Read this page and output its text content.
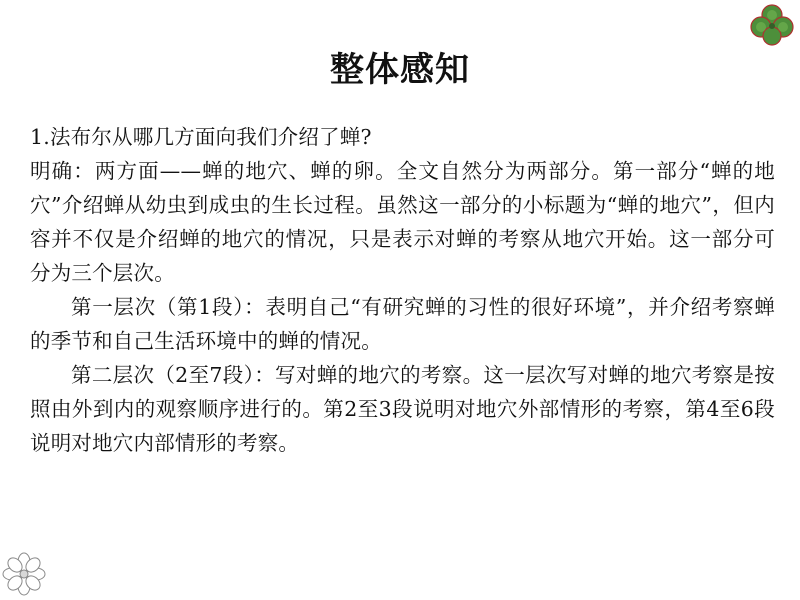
整体感知

1.法布尔从哪几方面向我们介绍了蝉?

明确：两方面——蝉的地穴、蝉的卵。全文自然分为两部分。第一部分“蝉的地穴”介绍蝉从幼虫到成虫的生长过程。虽然这一部分的小标题为“蝉的地穴”，但内容并不仅是介绍蝉的地穴的情况，只是表示对蝉的考察从地穴开始。这一部分可分为三个层次。

第一层次（第1段）：表明自己“有研究蝉的习性的很好环境”，并介绍考察蝉的季节和自己生活环境中的蝉的情况。

第二层次（2至7段）：写对蝉的地穴的考察。这一层次写对蝉的地穴考察是按照由外到内的观察顺序进行的。第2至3段说明对地穴外部情形的考察，第4至6段说明对地穴内部情形的考察。
